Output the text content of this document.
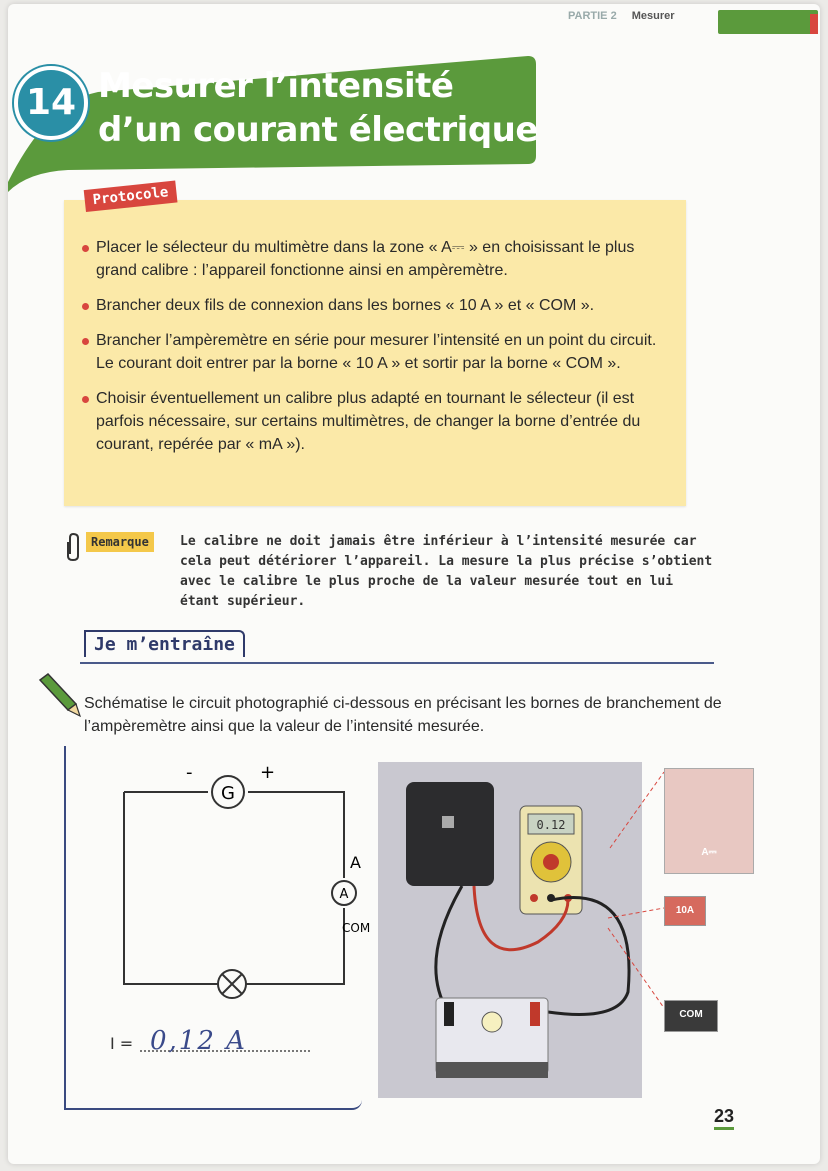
PARTIE 2 Mesurer
14 Mesurer l’intensité
d’un courant électrique
Protocole
Placer le sélecteur du multimètre dans la zone « A⎓ » en choisissant le plus grand calibre : l’appareil fonctionne ainsi en ampèremètre.
Brancher deux fils de connexion dans les bornes « 10 A » et « COM ».
Brancher l’ampèremètre en série pour mesurer l’intensité en un point du circuit. Le courant doit entrer par la borne « 10 A » et sortir par la borne « COM ».
Choisir éventuellement un calibre plus adapté en tournant le sélecteur (il est parfois nécessaire, sur certains multimètres, de changer la borne d’entrée du courant, repérée par « mA »).
Remarque	Le calibre ne doit jamais être inférieur à l’intensité mesurée car cela peut détériorer l’appareil. La mesure la plus précise s’obtient avec le calibre le plus proche de la valeur mesurée tout en lui étant supérieur.
Je m’entraîne
Schématise le circuit photographié ci-dessous en précisant les bornes de branchement de l’ampèremètre ainsi que la valeur de l’intensité mesurée.
G
-	+
A
A
COM
I = 0,12 A
0.12
A⎓
10A
COM
23
